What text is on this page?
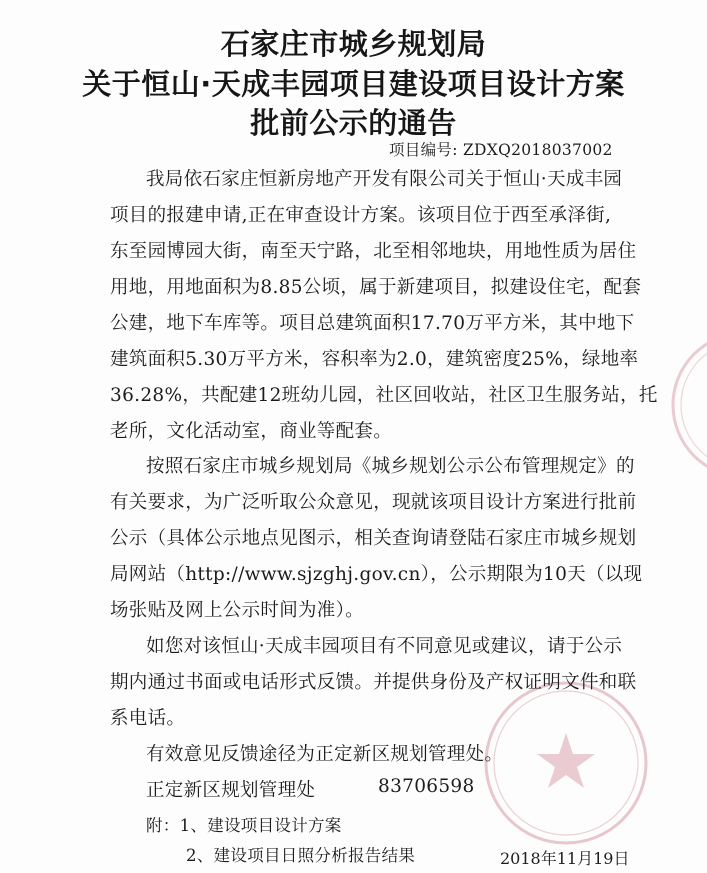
石家庄市城乡规划局
关于恒山·天成丰园项目建设项目设计方案
批前公示的通告
项目编号: ZDXQ2018037002
我局依石家庄恒新房地产开发有限公司关于恒山·天成丰园
项目的报建申请,正在审查设计方案。该项目位于西至承泽街,
东至园博园大街，南至天宁路，北至相邻地块，用地性质为居住
用地，用地面积为8.85公顷，属于新建项目，拟建设住宅，配套
公建，地下车库等。项目总建筑面积17.70万平方米，其中地下
建筑面积5.30万平方米，容积率为2.0，建筑密度25%，绿地率
36.28%，共配建12班幼儿园，社区回收站，社区卫生服务站，托
老所，文化活动室，商业等配套。
按照石家庄市城乡规划局《城乡规划公示公布管理规定》的
有关要求，为广泛听取公众意见，现就该项目设计方案进行批前
公示（具体公示地点见图示，相关查询请登陆石家庄市城乡规划
局网站（http://www.sjzghj.gov.cn），公示期限为10天（以现
场张贴及网上公示时间为准）。
如您对该恒山·天成丰园项目有不同意见或建议，请于公示
期内通过书面或电话形式反馈。并提供身份及产权证明文件和联
系电话。
有效意见反馈途径为正定新区规划管理处。
正定新区规划管理处	83706598
附：1、建设项目设计方案
2、建设项目日照分析报告结果	2018年11月19日
